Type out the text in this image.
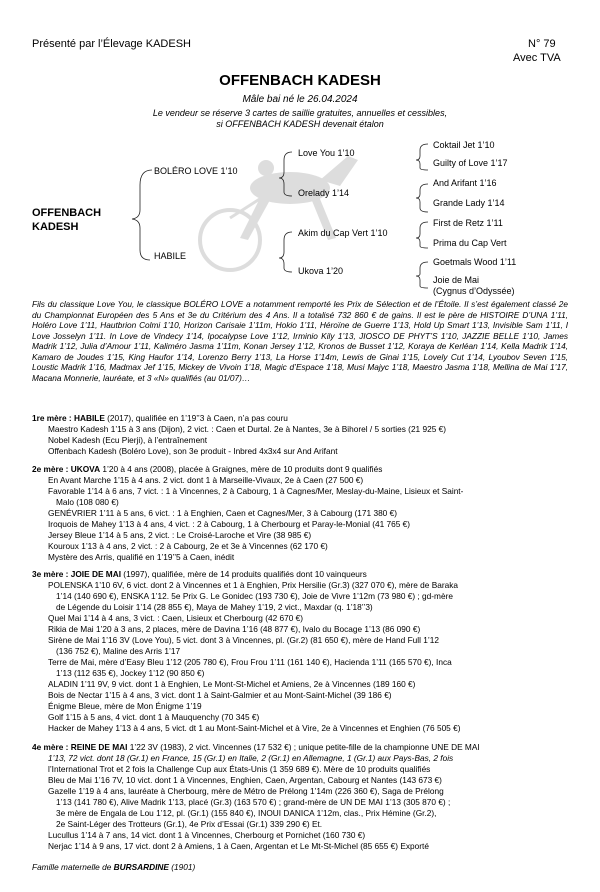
Présenté par l’Élevage KADESH	N° 79
Avec TVA
OFFENBACH KADESH
Mâle bai né le 26.04.2024
Le vendeur se réserve 3 cartes de saillie gratuites, annuelles et cessibles,
si OFFENBACH KADESH devenait étalon
OFFENBACH
KADESH
BOLÉRO LOVE 1’10
HABILE
Love You 1’10
Orelady 1’14
Akim du Cap Vert 1’10
Ukova 1’20
Coktail Jet 1’10
Guilty of Love 1’17
And Arifant 1’16
Grande Lady 1’14
First de Retz 1’11
Prima du Cap Vert
Goetmals Wood 1’11
Joie de Mai
(Cygnus d’Odyssée)
Fils du classique Love You, le classique BOLÉRO LOVE a notamment remporté les Prix de Sélection et de l’Étoile. Il s’est également classé 2e du Championnat Européen des 5 Ans et 3e du Critérium des 4 Ans. Il a totalisé 732 860 € de gains. Il est le père de HISTOIRE D’UNA 1’11, Holéro Love 1’11, Hautbrion Colmi 1’10, Horizon Carisaie 1’11m, Hokio 1’11, Héroïne de Guerre 1’13, Hold Up Smart 1’13, Invisible Sam 1’11, I Love Josselyn 1’11. In Love de Vindecy 1’14, Ipocalypse Love 1’12, Irminio Kily 1’13, JIOSCO DE PHYT’S 1’10, JAZZIE BELLE 1’10, James Madrik 1’12, Julia d’Amour 1’11, Kaliméro Jasma 1’11m, Konan Jersey 1’12, Kronos de Busset 1’12, Koraya de Kerléan 1’14, Kella Madrik 1’14, Kamaro de Joudes 1’15, King Haufor 1’14, Lorenzo Berry 1’13, La Horse 1’14m, Lewis de Ginai 1’15, Lovely Cut 1’14, Lyoubov Seven 1’15, Loustic Madrik 1’16, Madmax Jef 1’15, Mickey de Vivoin 1’18, Magic d’Espace 1’18, Musi Majyc 1’18, Maestro Jasma 1’18, Mellina de Mai 1’17, Macana Monnerie, lauréate, et 3 «N» qualifiés (au 01/07)…
1re mère : HABILE (2017), qualifiée en 1’19’’3 à Caen, n’a pas couru
Maestro Kadesh 1’15 à 3 ans (Dijon), 2 vict. : Caen et Durtal. 2e à Nantes, 3e à Bihorel / 5 sorties (21 925 €)
Nobel Kadesh (Ecu Pierji), à l’entraînement
Offenbach Kadesh (Boléro Love), son 3e produit - Inbred 4x3x4 sur And Arifant
2e mère : UKOVA 1’20 à 4 ans (2008), placée à Graignes, mère de 10 produits dont 9 qualifiés
En Avant Marche 1’15 à 4 ans. 2 vict. dont 1 à Marseille-Vivaux, 2e à Caen (27 500 €)
Favorable 1’14 à 6 ans, 7 vict. : 1 à Vincennes, 2 à Cabourg, 1 à Cagnes/Mer, Meslay-du-Maine, Lisieux et Saint-
Malo (108 080 €)
GENÉVRIER 1’11 à 5 ans, 6 vict. : 1 à Enghien, Caen et Cagnes/Mer, 3 à Cabourg (171 380 €)
Iroquois de Mahey 1’13 à 4 ans, 4 vict. : 2 à Cabourg, 1 à Cherbourg et Paray-le-Monial (41 765 €)
Jersey Bleue 1’14 à 5 ans, 2 vict. : Le Croisé-Laroche et Vire (38 985 €)
Kouroux 1’13 à 4 ans, 2 vict. : 2 à Cabourg, 2e et 3e à Vincennes (62 170 €)
Mystère des Arris, qualifié en 1’19’’5 à Caen, inédit
3e mère : JOIE DE MAI (1997), qualifiée, mère de 14 produits qualifiés dont 10 vainqueurs
POLENSKA 1’10 6V, 6 vict. dont 2 à Vincennes et 1 à Enghien, Prix Hersilie (Gr.3) (327 070 €), mère de Baraka
1’14 (140 690 €), ENSKA 1’12. 5e Prix G. Le Gonidec (193 730 €), Joie de Vivre 1’12m (73 980 €) ; gd-mère
de Légende du Loisir 1’14 (28 855 €), Maya de Mahey 1’19, 2 vict., Maxdar (q. 1’18’’3)
Quel Mai 1’14 à 4 ans, 3 vict. : Caen, Lisieux et Cherbourg (42 670 €)
Rikia de Mai 1’20 à 3 ans, 2 places, mère de Davina 1’16 (48 877 €), Ivalo du Bocage 1’13 (86 090 €)
Sirène de Mai 1’16 3V (Love You), 5 vict. dont 3 à Vincennes, pl. (Gr.2) (81 650 €), mère de Hand Full 1’12
(136 752 €), Maline des Arris 1’17
Terre de Mai, mère d’Easy Bleu 1’12 (205 780 €), Frou Frou 1’11 (161 140 €), Hacienda 1’11 (165 570 €), Inca
1’13 (112 635 €), Jockey 1’12 (90 850 €)
ALADIN 1’11 9V, 9 vict. dont 1 à Enghien, Le Mont-St-Michel et Amiens, 2e à Vincennes (189 160 €)
Bois de Nectar 1’15 à 4 ans, 3 vict. dont 1 à Saint-Galmier et au Mont-Saint-Michel (39 186 €)
Énigme Bleue, mère de Mon Énigme 1’19
Golf 1’15 à 5 ans, 4 vict. dont 1 à Mauquenchy (70 345 €)
Hacker de Mahey 1’13 à 4 ans, 5 vict. dt 1 au Mont-Saint-Michel et à Vire, 2e à Vincennes et Enghien (76 505 €)
4e mère : REINE DE MAI 1’22 3V (1983), 2 vict. Vincennes (17 532 €) ; unique petite-fille de la championne UNE DE MAI
1’13, 72 vict. dont 18 (Gr.1) en France, 15 (Gr.1) en Italie, 2 (Gr.1) en Allemagne, 1 (Gr.1) aux Pays-Bas, 2 fois
l’International Trot et 2 fois la Challenge Cup aux États-Unis (1 359 689 €). Mère de 10 produits qualifiés
Bleu de Mai 1’16 7V, 10 vict. dont 1 à Vincennes, Enghien, Caen, Argentan, Cabourg et Nantes (143 673 €)
Gazelle 1’19 à 4 ans, lauréate à Cherbourg, mère de Métro de Prélong 1’14m (226 360 €), Saga de Prélong
1’13 (141 780 €), Alive Madrik 1’13, placé (Gr.3) (163 570 €) ; grand-mère de UN DE MAI 1’13 (305 870 €) ;
3e mère de Engala de Lou 1’12, pl. (Gr.1) (155 840 €), INOUI DANICA 1’12m, clas., Prix Hémine (Gr.2),
2e Saint-Léger des Trotteurs (Gr.1), 4e Prix d’Essai (Gr.1) 339 290 €) Et.
Lucullus 1’14 à 7 ans, 14 vict. dont 1 à Vincennes, Cherbourg et Pornichet (160 730 €)
Nerjac 1’14 à 9 ans, 17 vict. dont 2 à Amiens, 1 à Caen, Argentan et Le Mt-St-Michel (85 655 €) Exporté
Famille maternelle de BURSARDINE (1901)
